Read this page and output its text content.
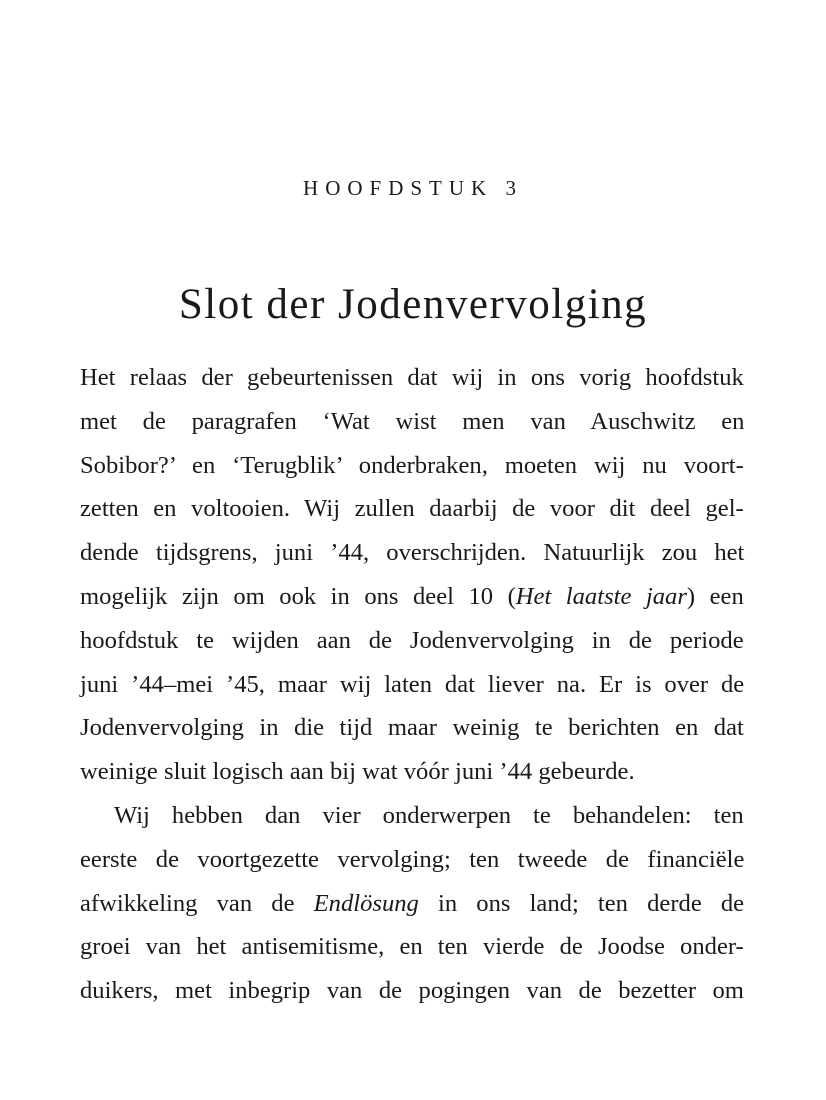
HOOFDSTUK 3
Slot der Jodenvervolging
Het relaas der gebeurtenissen dat wij in ons vorig hoofdstuk
met de paragrafen ‘Wat wist men van Auschwitz en
Sobibor?’ en ‘Terugblik’ onderbraken, moeten wij nu voort-
zetten en voltooien. Wij zullen daarbij de voor dit deel gel-
dende tijdsgrens, juni ’44, overschrijden. Natuurlijk zou het
mogelijk zijn om ook in ons deel 10 (Het laatste jaar) een
hoofdstuk te wijden aan de Jodenvervolging in de periode
juni ’44–mei ’45, maar wij laten dat liever na. Er is over de
Jodenvervolging in die tijd maar weinig te berichten en dat
weinige sluit logisch aan bij wat vóór juni ’44 gebeurde.
Wij hebben dan vier onderwerpen te behandelen: ten
eerste de voortgezette vervolging; ten tweede de financiële
afwikkeling van de Endlösung in ons land; ten derde de
groei van het antisemitisme, en ten vierde de Joodse onder-
duikers, met inbegrip van de pogingen van de bezetter om
